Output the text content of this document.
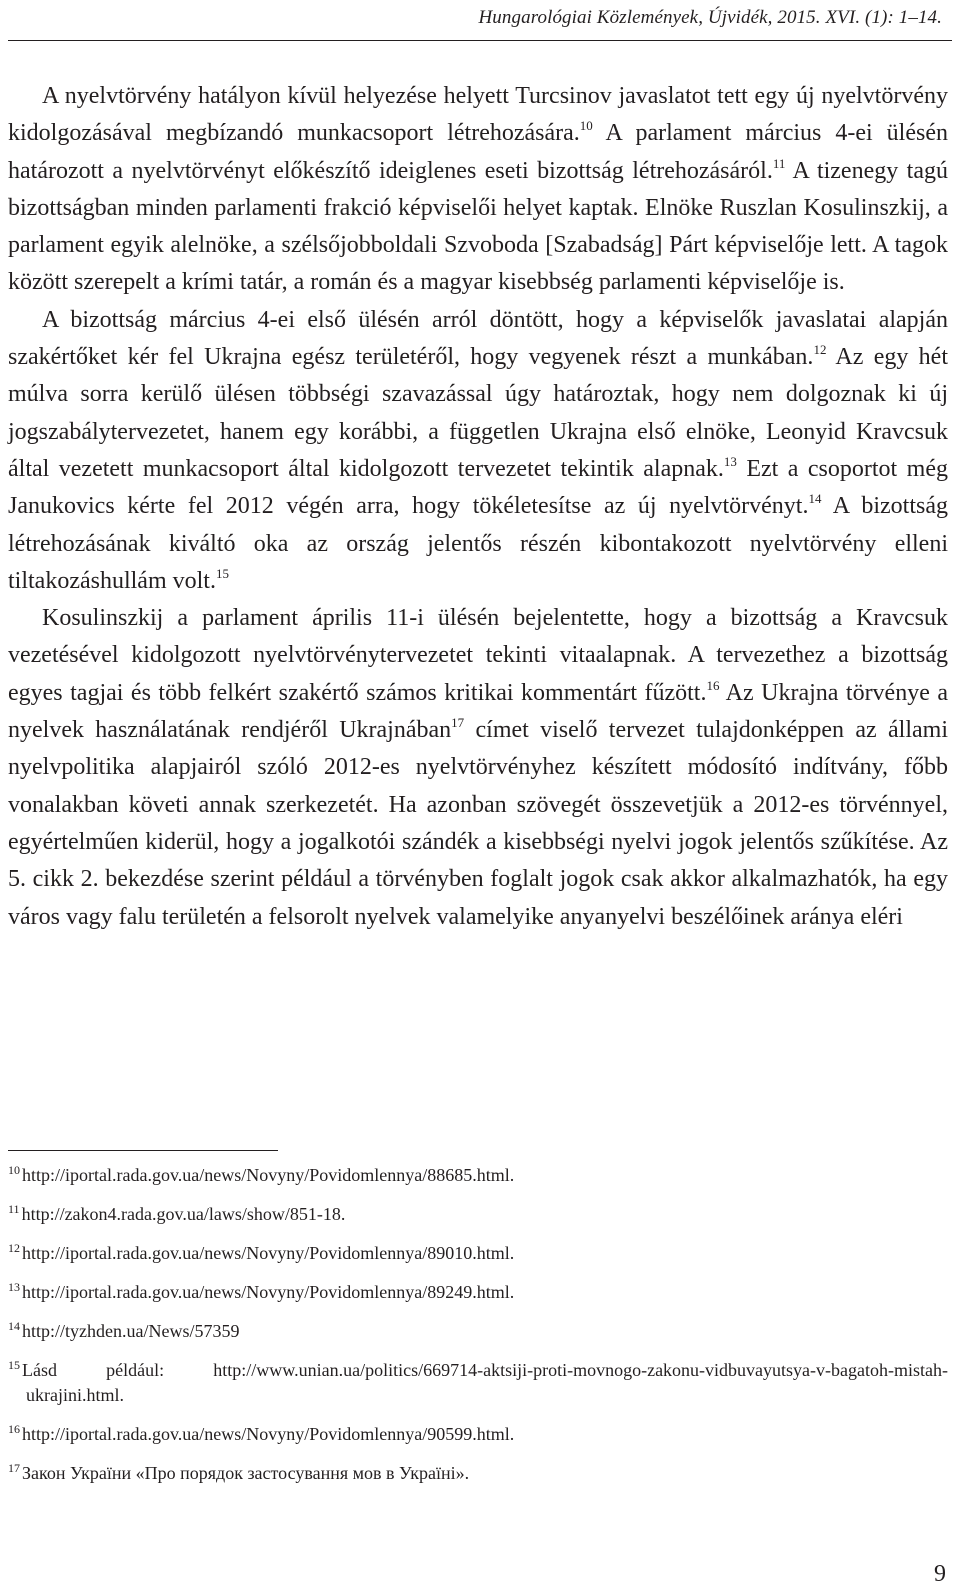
Hungarológiai Közlemények, Újvidék, 2015. XVI. (1): 1–14.

A nyelvtörvény hatályon kívül helyezése helyett Turcsinov javaslatot tett egy új nyelvtörvény kidolgozásával megbízandó munkacsoport létrehozására.$^{10}$ A parlament március 4-ei ülésén határozott a nyelvtörvényt előkészítő ideiglenes eseti bizottság létrehozásáról.$^{11}$ A tizenegy tagú bizottságban minden parlamenti frakció képviselői helyet kaptak. Elnöke Ruszlan Kosulinszkij, a parlament egyik alelnöke, a szélsőjobboldali Szvoboda [Szabadság] Párt képviselője lett. A tagok között szerepelt a krími tatár, a román és a magyar kisebbség parlamenti képviselője is.

A bizottság március 4-ei első ülésén arról döntött, hogy a képviselők javaslatai alapján szakértőket kér fel Ukrajna egész területéről, hogy vegyenek részt a munkában.$^{12}$ Az egy hét múlva sorra kerülő ülésen többségi szavazással úgy határoztak, hogy nem dolgoznak ki új jogszabálytervezetet, hanem egy korábbi, a független Ukrajna első elnöke, Leonyid Kravcsuk által vezetett munkacsoport által kidolgozott tervezetet tekintik alapnak.$^{13}$ Ezt a csoportot még Janukovics kérte fel 2012 végén arra, hogy tökéletesítse az új nyelvtörvényt.$^{14}$ A bizottság létrehozásának kiváltó oka az ország jelentős részén kibontakozott nyelvtörvény elleni tiltakozáshullám volt.$^{15}$

Kosulinszkij a parlament április 11-i ülésén bejelentette, hogy a bizottság a Kravcsuk vezetésével kidolgozott nyelvtörvénytervezetet tekinti vitaalapnak. A tervezethez a bizottság egyes tagjai és több felkért szakértő számos kritikai kommentárt fűzött.$^{16}$ Az Ukrajna törvénye a nyelvek használatának rendjéről Ukrajnában$^{17}$ címet viselő tervezet tulajdonképpen az állami nyelvpolitika alapjairól szóló 2012-es nyelvtörvényhez készített módosító indítvány, főbb vonalakban követi annak szerkezetét. Ha azonban szövegét összevetjük a 2012-es törvénnyel, egyértelműen kiderül, hogy a jogalkotói szándék a kisebbségi nyelvi jogok jelentős szűkítése. Az 5. cikk 2. bekezdése szerint például a törvényben foglalt jogok csak akkor alkalmazhatók, ha egy város vagy falu területén a felsorolt nyelvek valamelyike anyanyelvi beszélőinek aránya eléri

$^{10}$ http://iportal.rada.gov.ua/news/Novyny/Povidomlennya/88685.html.
$^{11}$ http://zakon4.rada.gov.ua/laws/show/851-18.
$^{12}$ http://iportal.rada.gov.ua/news/Novyny/Povidomlennya/89010.html.
$^{13}$ http://iportal.rada.gov.ua/news/Novyny/Povidomlennya/89249.html.
$^{14}$ http://tyzhden.ua/News/57359
$^{15}$ Lásd például: http://www.unian.ua/politics/669714-aktsiji-proti-movnogo-zakonu-vidbuvayutsya-v-bagatoh-mistah-ukrajini.html.
$^{16}$ http://iportal.rada.gov.ua/news/Novyny/Povidomlennya/90599.html.
$^{17}$ Закон України «Про порядок застосування мов в Україні».
9
